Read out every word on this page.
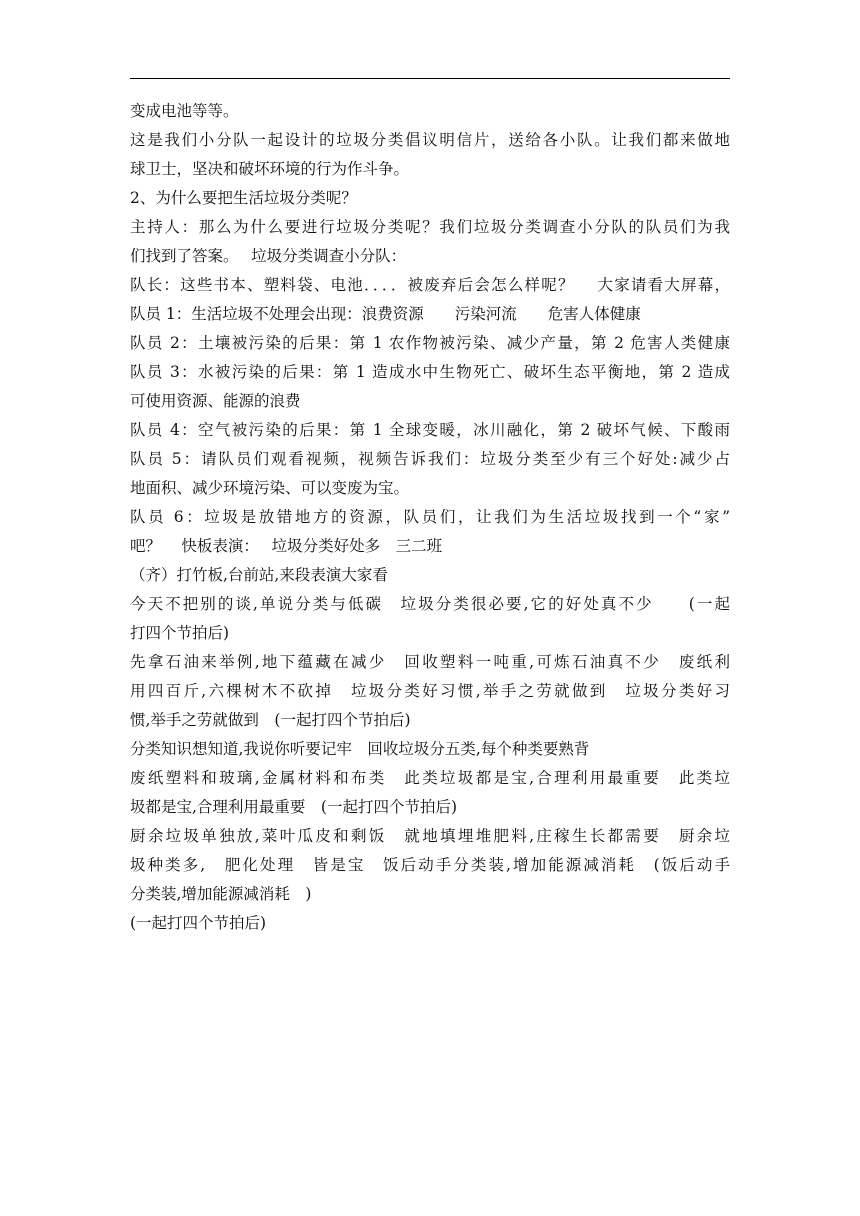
变成电池等等。
这是我们小分队一起设计的垃圾分类倡议明信片，送给各小队。让我们都来做地
球卫士，坚决和破坏环境的行为作斗争。
2、为什么要把生活垃圾分类呢？
主持人：那么为什么要进行垃圾分类呢？我们垃圾分类调查小分队的队员们为我
们找到了答案。　 垃圾分类调查小分队：
队长：这些书本、塑料袋、电池．．．．被废弃后会怎么样呢？　 大家请看大屏幕，
队员 1：生活垃圾不处理会出现：浪费资源　　污染河流　　危害人体健康
队员 2：土壤被污染的后果：第 1 农作物被污染、减少产量，第 2 危害人类健康
队员 3：水被污染的后果：第 1 造成水中生物死亡、破坏生态平衡地，第 2 造成
可使用资源、能源的浪费
队员 4：空气被污染的后果：第 1 全球变暖，冰川融化，第 2 破坏气候、下酸雨
队员 5：请队员们观看视频，视频告诉我们：垃圾分类至少有三个好处:减少占
地面积、减少环境污染、可以变废为宝。
队员 6：垃圾是放错地方的资源，队员们，让我们为生活垃圾找到一个“家”
吧？　 快板表演：　 垃圾分类好处多　三二班
（齐）打竹板,台前站,来段表演大家看
今天不把别的谈,单说分类与低碳　垃圾分类很必要,它的好处真不少　　(一起
打四个节拍后)
先拿石油来举例,地下蕴藏在减少　回收塑料一吨重,可炼石油真不少　废纸利
用四百斤,六棵树木不砍掉　垃圾分类好习惯,举手之劳就做到　垃圾分类好习
惯,举手之劳就做到　(一起打四个节拍后)
分类知识想知道,我说你听要记牢　回收垃圾分五类,每个种类要熟背
废纸塑料和玻璃,金属材料和布类　此类垃圾都是宝,合理利用最重要　此类垃
圾都是宝,合理利用最重要　(一起打四个节拍后)
厨余垃圾单独放,菜叶瓜皮和剩饭　就地填埋堆肥料,庄稼生长都需要　厨余垃
圾种类多,　肥化处理　皆是宝　饭后动手分类装,增加能源减消耗　(饭后动手
分类装,增加能源减消耗　)
(一起打四个节拍后)
